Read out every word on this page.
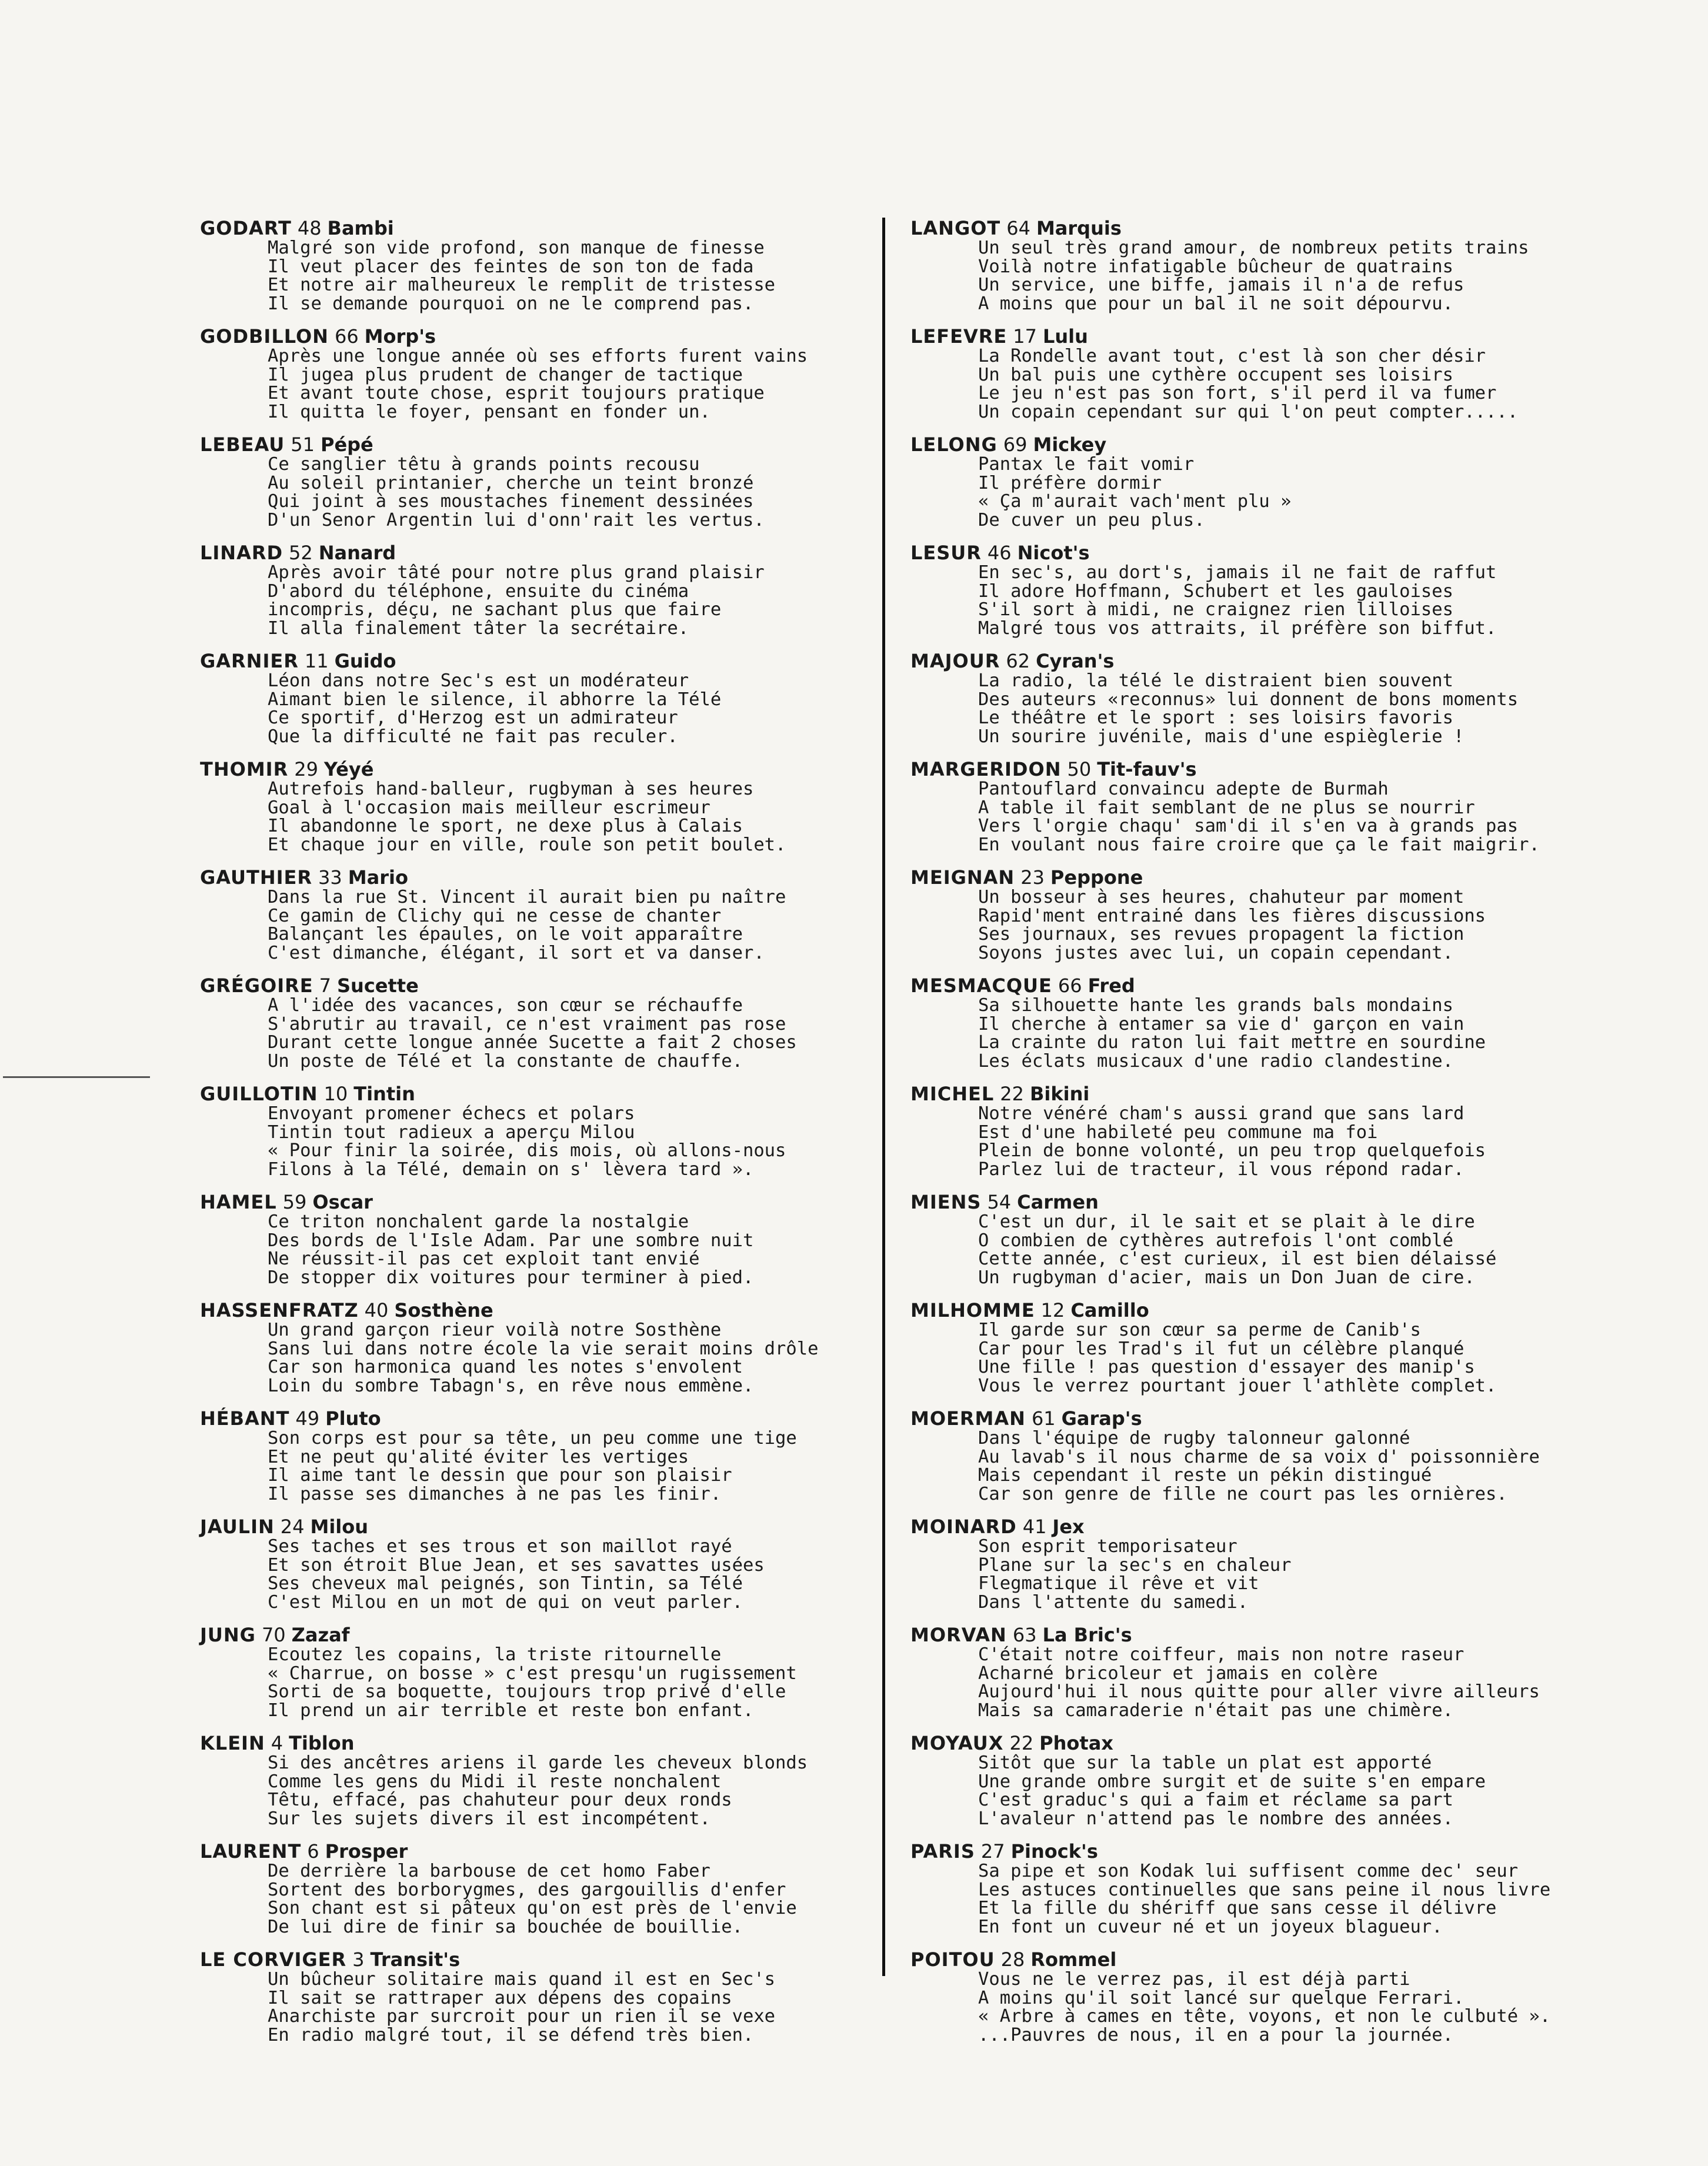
GODART 48 Bambi
Malgré son vide profond, son manque de finesse
Il veut placer des feintes de son ton de fada
Et notre air malheureux le remplit de tristesse
Il se demande pourquoi on ne le comprend pas.
GODBILLON 66 Morp's
Après une longue année où ses efforts furent vains
Il jugea plus prudent de changer de tactique
Et avant toute chose, esprit toujours pratique
Il quitta le foyer, pensant en fonder un.
LEBEAU 51 Pépé
Ce sanglier têtu à grands points recousu
Au soleil printanier, cherche un teint bronzé
Qui joint à ses moustaches finement dessinées
D'un Senor Argentin lui d'onn'rait les vertus.
LINARD 52 Nanard
Après avoir tâté pour notre plus grand plaisir
D'abord du téléphone, ensuite du cinéma
incompris, déçu, ne sachant plus que faire
Il alla finalement tâter la secrétaire.
GARNIER 11 Guido
Léon dans notre Sec's est un modérateur
Aimant bien le silence, il abhorre la Télé
Ce sportif, d'Herzog est un admirateur
Que la difficulté ne fait pas reculer.
THOMIR 29 Yéyé
Autrefois hand-balleur, rugbyman à ses heures
Goal à l'occasion mais meilleur escrimeur
Il abandonne le sport, ne dexe plus à Calais
Et chaque jour en ville, roule son petit boulet.
GAUTHIER 33 Mario
Dans la rue St. Vincent il aurait bien pu naître
Ce gamin de Clichy qui ne cesse de chanter
Balançant les épaules, on le voit apparaître
C'est dimanche, élégant, il sort et va danser.
GRÉGOIRE 7 Sucette
A l'idée des vacances, son cœur se réchauffe
S'abrutir au travail, ce n'est vraiment pas rose
Durant cette longue année Sucette a fait 2 choses
Un poste de Télé et la constante de chauffe.
GUILLOTIN 10 Tintin
Envoyant promener échecs et polars
Tintin tout radieux a aperçu Milou
« Pour finir la soirée, dis mois, où allons-nous
Filons à la Télé, demain on s' lèvera tard ».
HAMEL 59 Oscar
Ce triton nonchalent garde la nostalgie
Des bords de l'Isle Adam. Par une sombre nuit
Ne réussit-il pas cet exploit tant envié
De stopper dix voitures pour terminer à pied.
HASSENFRATZ 40 Sosthène
Un grand garçon rieur voilà notre Sosthène
Sans lui dans notre école la vie serait moins drôle
Car son harmonica quand les notes s'envolent
Loin du sombre Tabagn's, en rêve nous emmène.
HÉBANT 49 Pluto
Son corps est pour sa tête, un peu comme une tige
Et ne peut qu'alité éviter les vertiges
Il aime tant le dessin que pour son plaisir
Il passe ses dimanches à ne pas les finir.
JAULIN 24 Milou
Ses taches et ses trous et son maillot rayé
Et son étroit Blue Jean, et ses savattes usées
Ses cheveux mal peignés, son Tintin, sa Télé
C'est Milou en un mot de qui on veut parler.
JUNG 70 Zazaf
Ecoutez les copains, la triste ritournelle
« Charrue, on bosse » c'est presqu'un rugissement
Sorti de sa boquette, toujours trop privé d'elle
Il prend un air terrible et reste bon enfant.
KLEIN 4 Tiblon
Si des ancêtres ariens il garde les cheveux blonds
Comme les gens du Midi il reste nonchalent
Têtu, effacé, pas chahuteur pour deux ronds
Sur les sujets divers il est incompétent.
LAURENT 6 Prosper
De derrière la barbouse de cet homo Faber
Sortent des borborygmes, des gargouillis d'enfer
Son chant est si pâteux qu'on est près de l'envie
De lui dire de finir sa bouchée de bouillie.
LE CORVIGER 3 Transit's
Un bûcheur solitaire mais quand il est en Sec's
Il sait se rattraper aux dépens des copains
Anarchiste par surcroit pour un rien il se vexe
En radio malgré tout, il se défend très bien.
LANGOT 64 Marquis
Un seul très grand amour, de nombreux petits trains
Voilà notre infatigable bûcheur de quatrains
Un service, une biffe, jamais il n'a de refus
A moins que pour un bal il ne soit dépourvu.
LEFEVRE 17 Lulu
La Rondelle avant tout, c'est là son cher désir
Un bal puis une cythère occupent ses loisirs
Le jeu n'est pas son fort, s'il perd il va fumer
Un copain cependant sur qui l'on peut compter.....
LELONG 69 Mickey
Pantax le fait vomir
Il préfère dormir
« Ça m'aurait vach'ment plu »
De cuver un peu plus.
LESUR 46 Nicot's
En sec's, au dort's, jamais il ne fait de raffut
Il adore Hoffmann, Schubert et les gauloises
S'il sort à midi, ne craignez rien lilloises
Malgré tous vos attraits, il préfère son biffut.
MAJOUR 62 Cyran's
La radio, la télé le distraient bien souvent
Des auteurs «reconnus» lui donnent de bons moments
Le théâtre et le sport : ses loisirs favoris
Un sourire juvénile, mais d'une espièglerie !
MARGERIDON 50 Tit-fauv's
Pantouflard convaincu adepte de Burmah
A table il fait semblant de ne plus se nourrir
Vers l'orgie chaqu' sam'di il s'en va à grands pas
En voulant nous faire croire que ça le fait maigrir.
MEIGNAN 23 Peppone
Un bosseur à ses heures, chahuteur par moment
Rapid'ment entrainé dans les fières discussions
Ses journaux, ses revues propagent la fiction
Soyons justes avec lui, un copain cependant.
MESMACQUE 66 Fred
Sa silhouette hante les grands bals mondains
Il cherche à entamer sa vie d' garçon en vain
La crainte du raton lui fait mettre en sourdine
Les éclats musicaux d'une radio clandestine.
MICHEL 22 Bikini
Notre vénéré cham's aussi grand que sans lard
Est d'une habileté peu commune ma foi
Plein de bonne volonté, un peu trop quelquefois
Parlez lui de tracteur, il vous répond radar.
MIENS 54 Carmen
C'est un dur, il le sait et se plait à le dire
O combien de cythères autrefois l'ont comblé
Cette année, c'est curieux, il est bien délaissé
Un rugbyman d'acier, mais un Don Juan de cire.
MILHOMME 12 Camillo
Il garde sur son cœur sa perme de Canib's
Car pour les Trad's il fut un célèbre planqué
Une fille ! pas question d'essayer des manip's
Vous le verrez pourtant jouer l'athlète complet.
MOERMAN 61 Garap's
Dans l'équipe de rugby talonneur galonné
Au lavab's il nous charme de sa voix d' poissonnière
Mais cependant il reste un pékin distingué
Car son genre de fille ne court pas les ornières.
MOINARD 41 Jex
Son esprit temporisateur
Plane sur la sec's en chaleur
Flegmatique il rêve et vit
Dans l'attente du samedi.
MORVAN 63 La Bric's
C'était notre coiffeur, mais non notre raseur
Acharné bricoleur et jamais en colère
Aujourd'hui il nous quitte pour aller vivre ailleurs
Mais sa camaraderie n'était pas une chimère.
MOYAUX 22 Photax
Sitôt que sur la table un plat est apporté
Une grande ombre surgit et de suite s'en empare
C'est graduc's qui a faim et réclame sa part
L'avaleur n'attend pas le nombre des années.
PARIS 27 Pinock's
Sa pipe et son Kodak lui suffisent comme dec' seur
Les astuces continuelles que sans peine il nous livre
Et la fille du shériff que sans cesse il délivre
En font un cuveur né et un joyeux blagueur.
POITOU 28 Rommel
Vous ne le verrez pas, il est déjà parti
A moins qu'il soit lancé sur quelque Ferrari.
« Arbre à cames en tête, voyons, et non le culbuté ».
...Pauvres de nous, il en a pour la journée.
